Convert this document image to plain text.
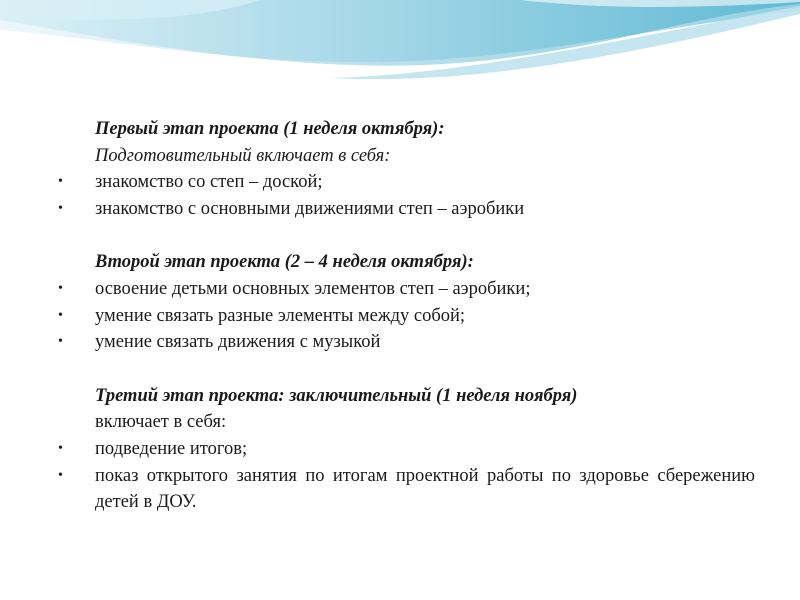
Первый этап проекта (1 неделя октября):
Подготовительный включает в себя:
• знакомство со степ – доской;
• знакомство с основными движениями степ – аэробики
Второй этап проекта (2 – 4 неделя октября):
• освоение детьми основных элементов степ – аэробики;
• умение связать разные элементы между собой;
• умение связать движения с музыкой
Третий этап проекта: заключительный (1 неделя ноября)
включает в себя:
• подведение итогов;
• показ открытого занятия по итогам проектной работы по здоровье сбережению детей в ДОУ.
